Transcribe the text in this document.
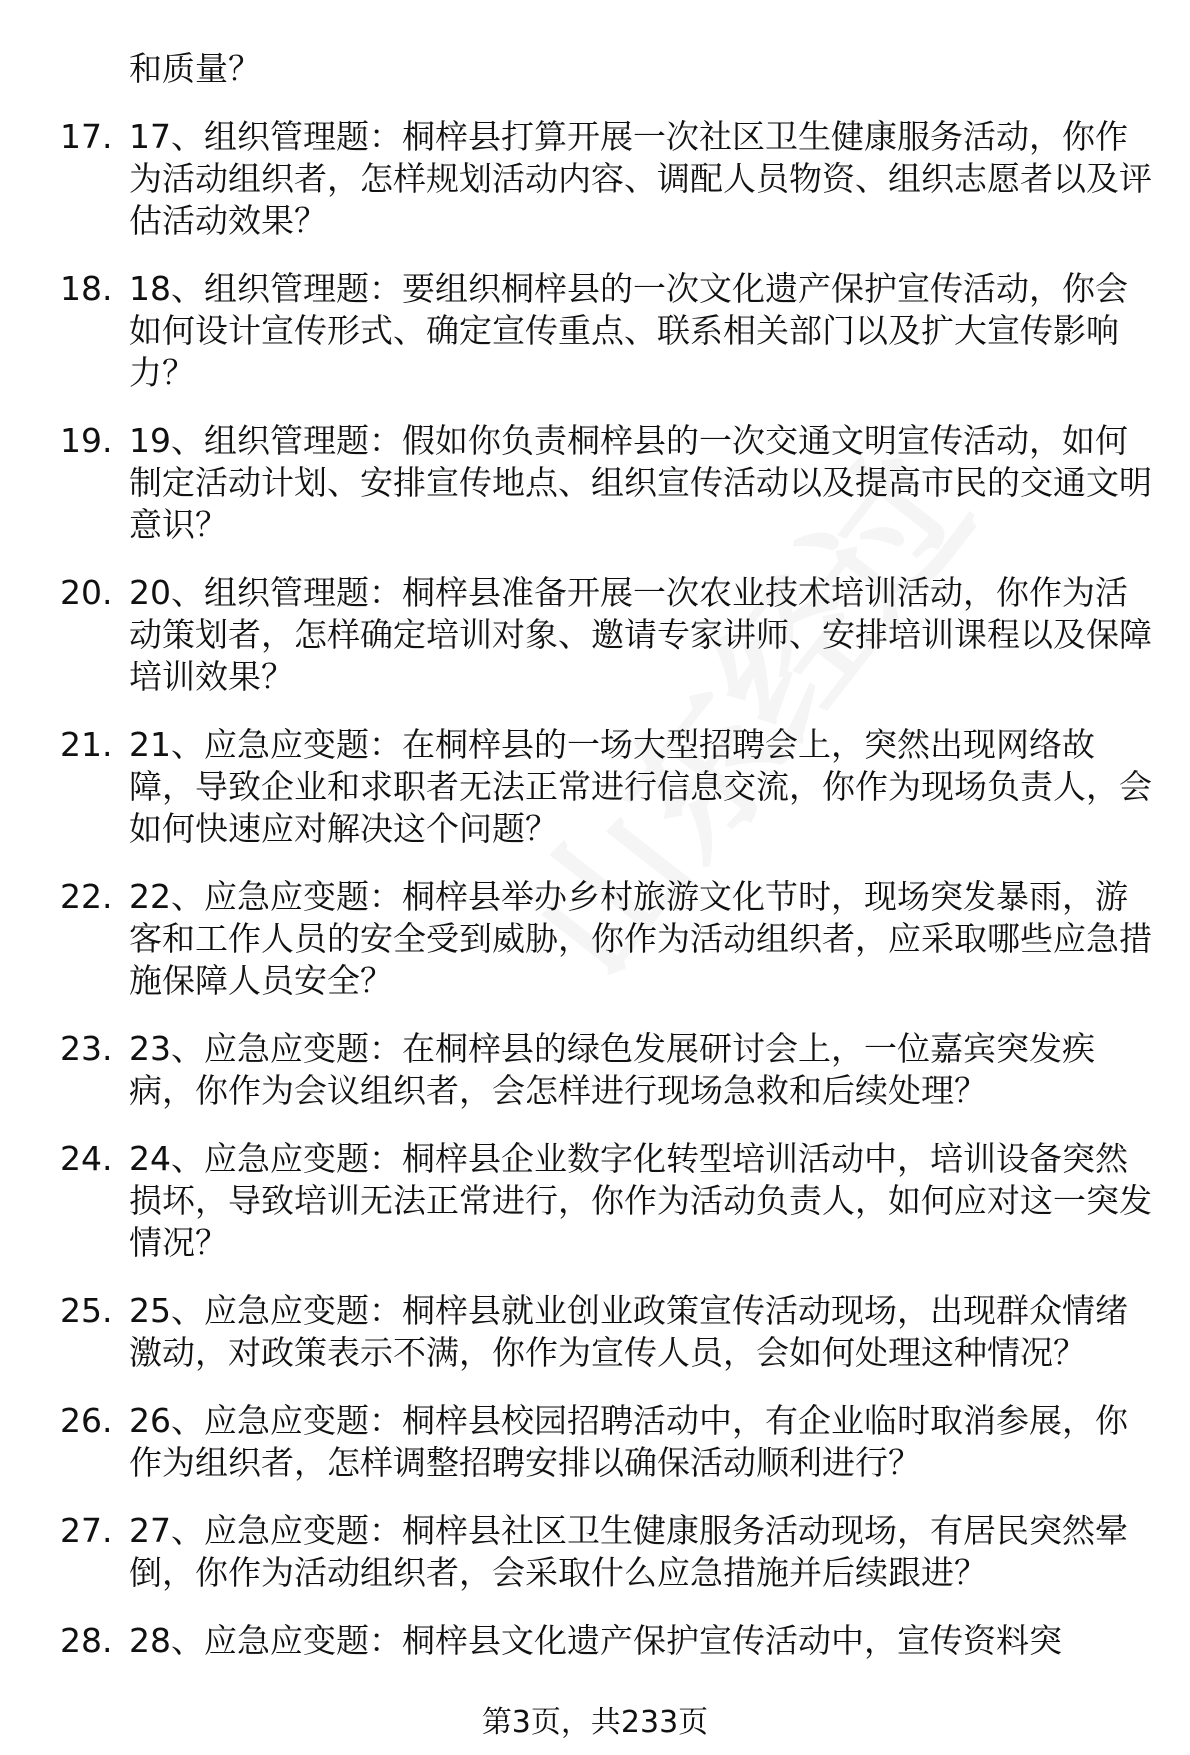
和质量？
17. 17、组织管理题：桐梓县打算开展一次社区卫生健康服务活动，你作为活动组织者，怎样规划活动内容、调配人员物资、组织志愿者以及评估活动效果？
18. 18、组织管理题：要组织桐梓县的一次文化遗产保护宣传活动，你会如何设计宣传形式、确定宣传重点、联系相关部门以及扩大宣传影响力？
19. 19、组织管理题：假如你负责桐梓县的一次交通文明宣传活动，如何制定活动计划、安排宣传地点、组织宣传活动以及提高市民的交通文明意识？
20. 20、组织管理题：桐梓县准备开展一次农业技术培训活动，你作为活动策划者，怎样确定培训对象、邀请专家讲师、安排培训课程以及保障培训效果？
21. 21、应急应变题：在桐梓县的一场大型招聘会上，突然出现网络故障，导致企业和求职者无法正常进行信息交流，你作为现场负责人，会如何快速应对解决这个问题？
22. 22、应急应变题：桐梓县举办乡村旅游文化节时，现场突发暴雨，游客和工作人员的安全受到威胁，你作为活动组织者，应采取哪些应急措施保障人员安全？
23. 23、应急应变题：在桐梓县的绿色发展研讨会上，一位嘉宾突发疾病，你作为会议组织者，会怎样进行现场急救和后续处理？
24. 24、应急应变题：桐梓县企业数字化转型培训活动中，培训设备突然损坏，导致培训无法正常进行，你作为活动负责人，如何应对这一突发情况？
25. 25、应急应变题：桐梓县就业创业政策宣传活动现场，出现群众情绪激动，对政策表示不满，你作为宣传人员，会如何处理这种情况？
26. 26、应急应变题：桐梓县校园招聘活动中，有企业临时取消参展，你作为组织者，怎样调整招聘安排以确保活动顺利进行？
27. 27、应急应变题：桐梓县社区卫生健康服务活动现场，有居民突然晕倒，你作为活动组织者，会采取什么应急措施并后续跟进？
28. 28、应急应变题：桐梓县文化遗产保护宣传活动中，宣传资料突
第3页，共233页
